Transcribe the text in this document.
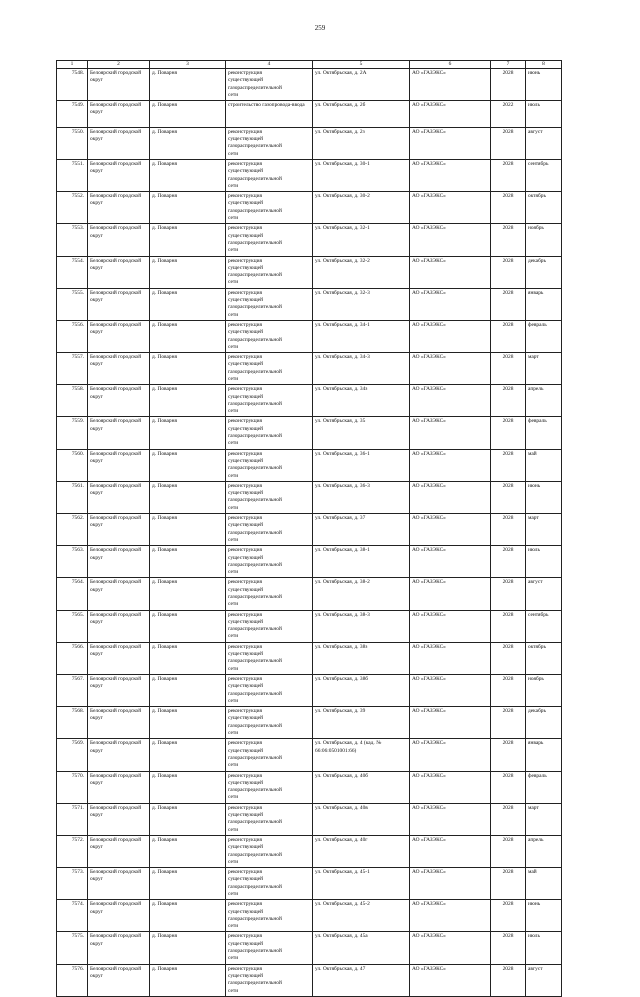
259
1	2	3	4	5	6	7	8
7548.	Белоярский городской округ	д. Поварня	реконструкция
существующей
газораспределительной
сети	ул. Октябрьская, д. 2А	АО «ГАЗЭКС»	2028	июнь
7549.	Белоярский городской округ	д. Поварня	строительство газопровода-ввода	ул. Октябрьская, д. 2б	АО «ГАЗЭКС»	2022	июль
7550.	Белоярский городской округ	д. Поварня	реконструкция
существующей
газораспределительной
сети	ул. Октябрьская, д. 2з	АО «ГАЗЭКС»	2028	август
7551.	Белоярский городской округ	д. Поварня	реконструкция
существующей
газораспределительной
сети	ул. Октябрьская, д. 30-1	АО «ГАЗЭКС»	2028	сентябрь
7552.	Белоярский городской округ	д. Поварня	реконструкция
существующей
газораспределительной
сети	ул. Октябрьская, д. 30-2	АО «ГАЗЭКС»	2028	октябрь
7553.	Белоярский городской округ	д. Поварня	реконструкция
существующей
газораспределительной
сети	ул. Октябрьская, д. 32-1	АО «ГАЗЭКС»	2028	ноябрь
7554.	Белоярский городской округ	д. Поварня	реконструкция
существующей
газораспределительной
сети	ул. Октябрьская, д. 32-2	АО «ГАЗЭКС»	2028	декабрь
7555.	Белоярский городской округ	д. Поварня	реконструкция
существующей
газораспределительной
сети	ул. Октябрьская, д. 32-3	АО «ГАЗЭКС»	2028	январь
7556.	Белоярский городской округ	д. Поварня	реконструкция
существующей
газораспределительной
сети	ул. Октябрьская, д. 34-1	АО «ГАЗЭКС»	2028	февраль
7557.	Белоярский городской округ	д. Поварня	реконструкция
существующей
газораспределительной
сети	ул. Октябрьская, д. 34-3	АО «ГАЗЭКС»	2028	март
7558.	Белоярский городской округ	д. Поварня	реконструкция
существующей
газораспределительной
сети	ул. Октябрьская, д. 34з	АО «ГАЗЭКС»	2028	апрель
7559.	Белоярский городской округ	д. Поварня	реконструкция
существующей
газораспределительной
сети	ул. Октябрьская, д. 35	АО «ГАЗЭКС»	2028	февраль
7560.	Белоярский городской округ	д. Поварня	реконструкция
существующей
газораспределительной
сети	ул. Октябрьская, д. 36-1	АО «ГАЗЭКС»	2028	май
7561.	Белоярский городской округ	д. Поварня	реконструкция
существующей
газораспределительной
сети	ул. Октябрьская, д. 36-3	АО «ГАЗЭКС»	2028	июнь
7562.	Белоярский городской округ	д. Поварня	реконструкция
существующей
газораспределительной
сети	ул. Октябрьская, д. 37	АО «ГАЗЭКС»	2028	март
7563.	Белоярский городской округ	д. Поварня	реконструкция
существующей
газораспределительной
сети	ул. Октябрьская, д. 38-1	АО «ГАЗЭКС»	2028	июль
7564.	Белоярский городской округ	д. Поварня	реконструкция
существующей
газораспределительной
сети	ул. Октябрьская, д. 38-2	АО «ГАЗЭКС»	2028	август
7565.	Белоярский городской округ	д. Поварня	реконструкция
существующей
газораспределительной
сети	ул. Октябрьская, д. 38-3	АО «ГАЗЭКС»	2028	сентябрь
7566.	Белоярский городской округ	д. Поварня	реконструкция
существующей
газораспределительной
сети	ул. Октябрьская, д. 38з	АО «ГАЗЭКС»	2028	октябрь
7567.	Белоярский городской округ	д. Поварня	реконструкция
существующей
газораспределительной
сети	ул. Октябрьская, д. 38б	АО «ГАЗЭКС»	2028	ноябрь
7568.	Белоярский городской округ	д. Поварня	реконструкция
существующей
газораспределительной
сети	ул. Октябрьская, д. 39	АО «ГАЗЭКС»	2028	декабрь
7569.	Белоярский городской округ	д. Поварня	реконструкция
существующей
газораспределительной
сети	ул. Октябрьская, д. 4 (кад. № 66:06:0501001:66)	АО «ГАЗЭКС»	2028	январь
7570.	Белоярский городской округ	д. Поварня	реконструкция
существующей
газораспределительной
сети	ул. Октябрьская, д. 40б	АО «ГАЗЭКС»	2028	февраль
7571.	Белоярский городской округ	д. Поварня	реконструкция
существующей
газораспределительной
сети	ул. Октябрьская, д. 40в	АО «ГАЗЭКС»	2028	март
7572.	Белоярский городской округ	д. Поварня	реконструкция
существующей
газораспределительной
сети	ул. Октябрьская, д. 40г	АО «ГАЗЭКС»	2028	апрель
7573.	Белоярский городской округ	д. Поварня	реконструкция
существующей
газораспределительной
сети	ул. Октябрьская, д. 45-1	АО «ГАЗЭКС»	2028	май
7574.	Белоярский городской округ	д. Поварня	реконструкция
существующей
газораспределительной
сети	ул. Октябрьская, д. 45-2	АО «ГАЗЭКС»	2028	июнь
7575.	Белоярский городской округ	д. Поварня	реконструкция
существующей
газораспределительной
сети	ул. Октябрьская, д. 45а	АО «ГАЗЭКС»	2028	июль
7576.	Белоярский городской округ	д. Поварня	реконструкция
существующей
газораспределительной
сети	ул. Октябрьская, д. 47	АО «ГАЗЭКС»	2028	август
